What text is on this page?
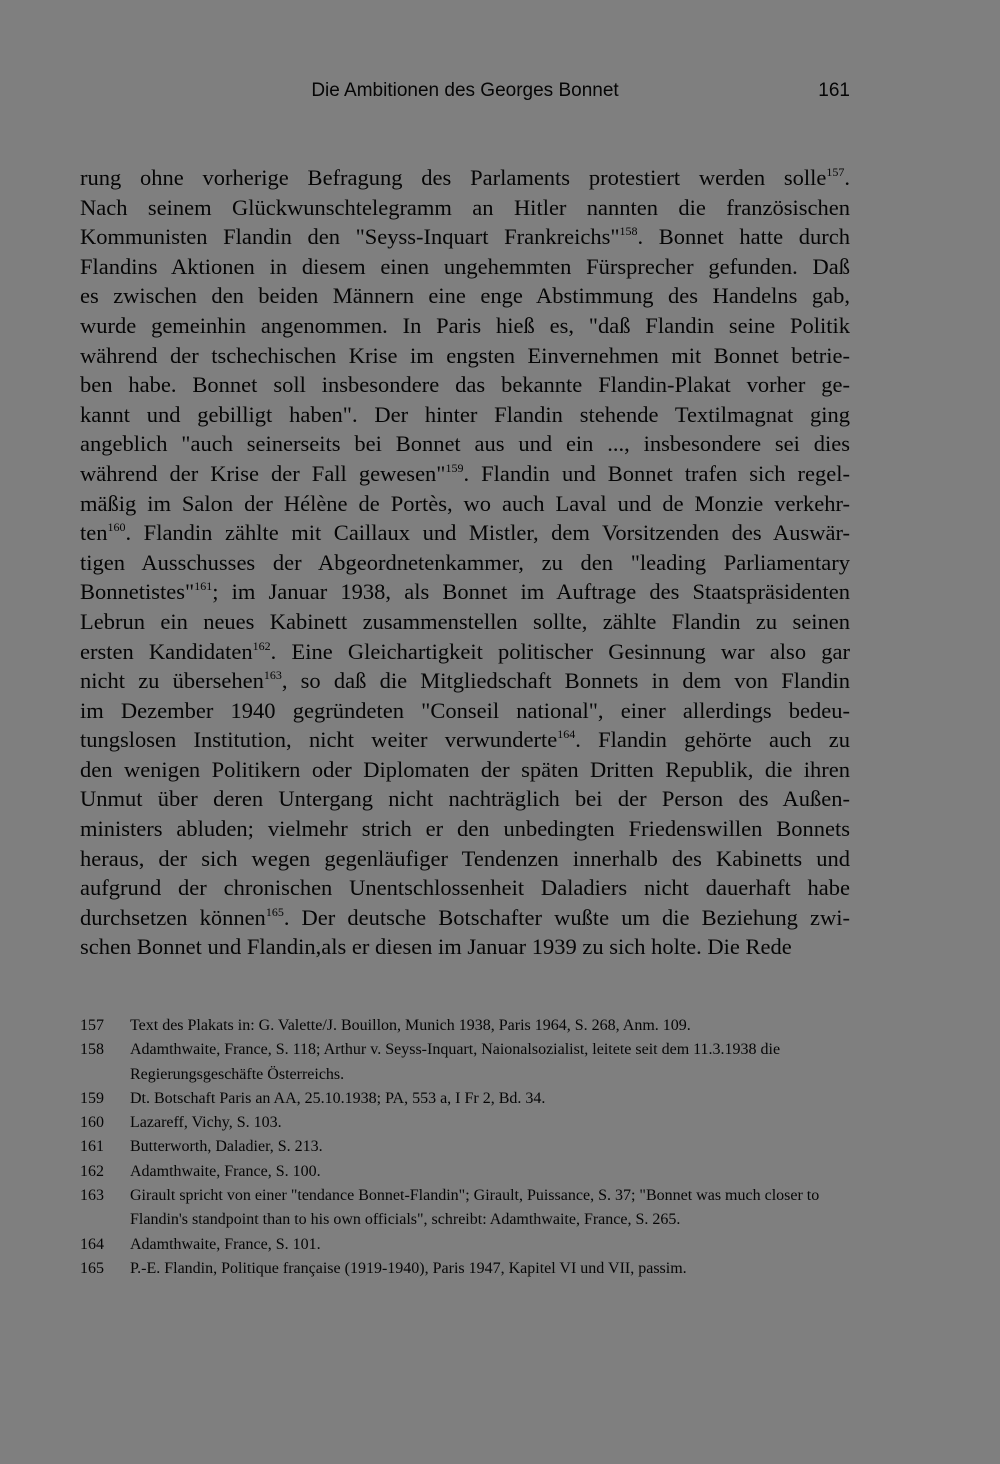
Die Ambitionen des Georges Bonnet	161
rung ohne vorherige Befragung des Parlaments protestiert werden solle$^{157}$.
Nach seinem Glückwunschtelegramm an Hitler nannten die französischen
Kommunisten Flandin den "Seyss-Inquart Frankreichs"$^{158}$. Bonnet hatte durch
Flandins Aktionen in diesem einen ungehemmten Fürsprecher gefunden. Daß
es zwischen den beiden Männern eine enge Abstimmung des Handelns gab,
wurde gemeinhin angenommen. In Paris hieß es, "daß Flandin seine Politik
während der tschechischen Krise im engsten Einvernehmen mit Bonnet betrie-
ben habe. Bonnet soll insbesondere das bekannte Flandin-Plakat vorher ge-
kannt und gebilligt haben". Der hinter Flandin stehende Textilmagnat ging
angeblich "auch seinerseits bei Bonnet aus und ein ..., insbesondere sei dies
während der Krise der Fall gewesen"$^{159}$. Flandin und Bonnet trafen sich regel-
mäßig im Salon der Hélène de Portès, wo auch Laval und de Monzie verkehr-
ten$^{160}$. Flandin zählte mit Caillaux und Mistler, dem Vorsitzenden des Auswär-
tigen Ausschusses der Abgeordnetenkammer, zu den "leading Parliamentary
Bonnetistes"$^{161}$; im Januar 1938, als Bonnet im Auftrage des Staatspräsidenten
Lebrun ein neues Kabinett zusammenstellen sollte, zählte Flandin zu seinen
ersten Kandidaten$^{162}$. Eine Gleichartigkeit politischer Gesinnung war also gar
nicht zu übersehen$^{163}$, so daß die Mitgliedschaft Bonnets in dem von Flandin
im Dezember 1940 gegründeten "Conseil national", einer allerdings bedeu-
tungslosen Institution, nicht weiter verwunderte$^{164}$. Flandin gehörte auch zu
den wenigen Politikern oder Diplomaten der späten Dritten Republik, die ihren
Unmut über deren Untergang nicht nachträglich bei der Person des Außen-
ministers abluden; vielmehr strich er den unbedingten Friedenswillen Bonnets
heraus, der sich wegen gegenläufiger Tendenzen innerhalb des Kabinetts und
aufgrund der chronischen Unentschlossenheit Daladiers nicht dauerhaft habe
durchsetzen können$^{165}$. Der deutsche Botschafter wußte um die Beziehung zwi-
schen Bonnet und Flandin,als er diesen im Januar 1939 zu sich holte. Die Rede
157	Text des Plakats in: G. Valette/J. Bouillon, Munich 1938, Paris 1964, S. 268, Anm. 109.
158	Adamthwaite, France, S. 118; Arthur v. Seyss-Inquart, Naionalsozialist, leitete seit dem 11.3.1938 die Regierungsgeschäfte Österreichs.
159	Dt. Botschaft Paris an AA, 25.10.1938; PA, 553 a, I Fr 2, Bd. 34.
160	Lazareff, Vichy, S. 103.
161	Butterworth, Daladier, S. 213.
162	Adamthwaite, France, S. 100.
163	Girault spricht von einer "tendance Bonnet-Flandin"; Girault, Puissance, S. 37; "Bonnet was much closer to Flandin's standpoint than to his own officials", schreibt: Adamthwaite, France, S. 265.
164	Adamthwaite, France, S. 101.
165	P.-E. Flandin, Politique française (1919-1940), Paris 1947, Kapitel VI und VII, passim.
